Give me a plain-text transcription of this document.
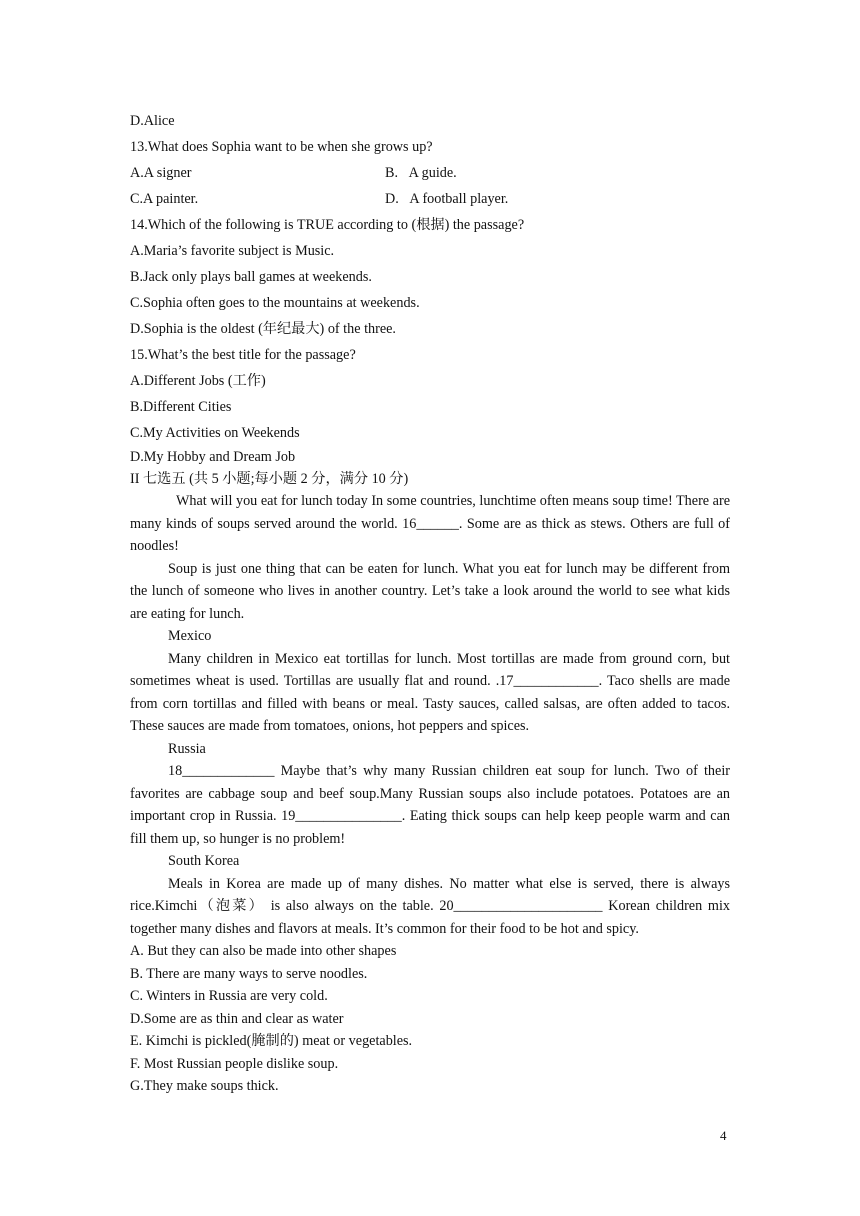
D.Alice
13.What does Sophia want to be when she grows up?
A.A signer	B.   A guide.
C.A painter.	D.   A football player.
14.Which of the following is TRUE according to (根据) the passage?
A.Maria’s favorite subject is Music.
B.Jack only plays ball games at weekends.
C.Sophia often goes to the mountains at weekends.
D.Sophia is the oldest (年纪最大) of the three.
15.What’s the best title for the passage?
A.Different Jobs (工作)
B.Different Cities
C.My Activities on Weekends
D.My Hobby and Dream Job
II 七选五 (共 5 小题;每小题 2 分，满分 10 分)

What will you eat for lunch today In some countries, lunchtime often means soup time! There are many kinds of soups served around the world. 16______. Some are as thick as stews. Others are full of noodles!

Soup is just one thing that can be eaten for lunch. What you eat for lunch may be different from the lunch of someone who lives in another country. Let’s take a look around the world to see what kids are eating for lunch.

Mexico

Many children in Mexico eat tortillas for lunch. Most tortillas are made from ground corn, but sometimes wheat is used. Tortillas are usually flat and round. .17____________. Taco shells are made from corn tortillas and filled with beans or meal. Tasty sauces, called salsas, are often added to tacos. These sauces are made from tomatoes, onions, hot peppers and spices.

Russia

18_____________ Maybe that’s why many Russian children eat soup for lunch. Two of their favorites are cabbage soup and beef soup.Many Russian soups also include potatoes. Potatoes are an important crop in Russia. 19_______________. Eating thick soups can help keep people warm and can fill them up, so hunger is no problem!

South Korea

Meals in Korea are made up of many dishes. No matter what else is served, there is always rice.Kimchi（泡菜） is also always on the table. 20_____________________ Korean children mix together many dishes and flavors at meals. It’s common for their food to be hot and spicy.

A. But they can also be made into other shapes
B. There are many ways to serve noodles.
C. Winters in Russia are very cold.
D.Some are as thin and clear as water
E. Kimchi is pickled(腌制的) meat or vegetables.
F. Most Russian people dislike soup.
G.They make soups thick.
4
